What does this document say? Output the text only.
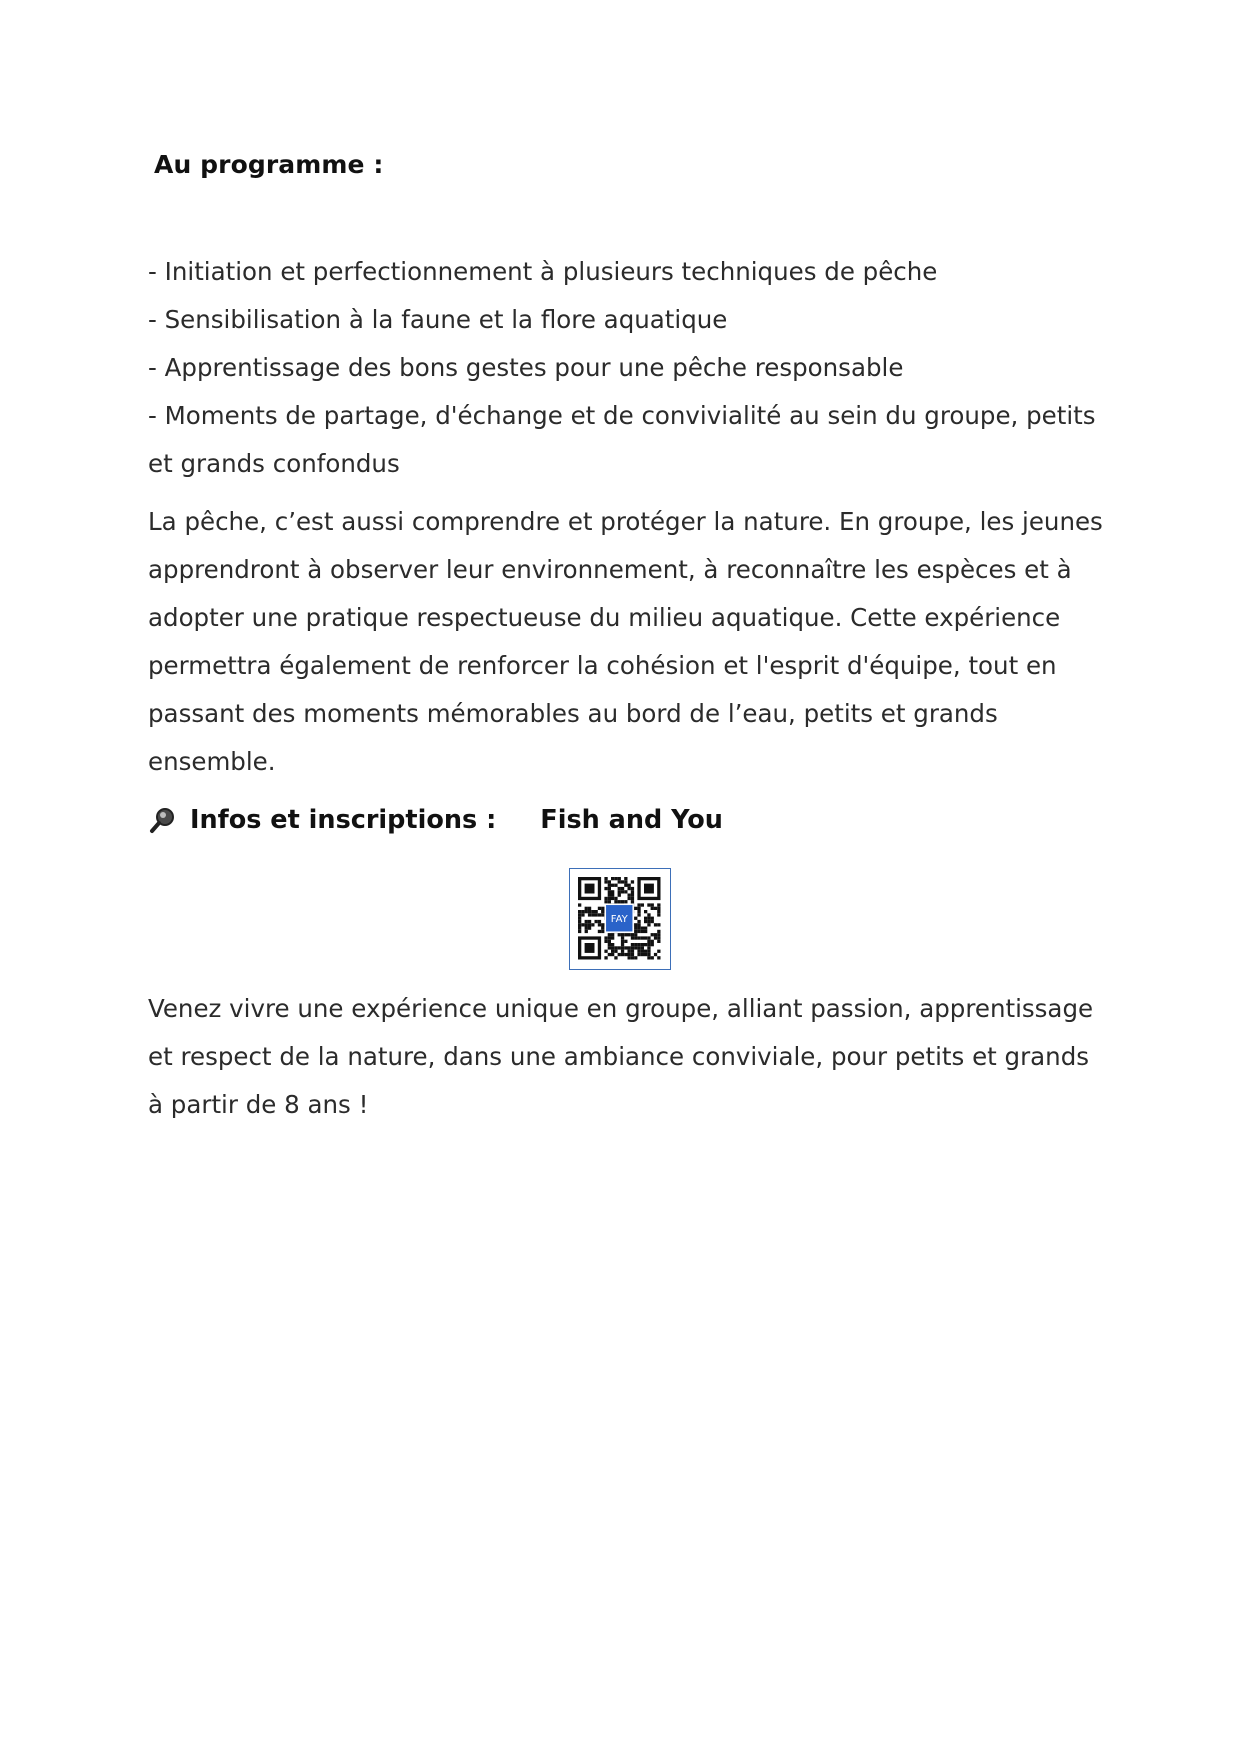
Au programme :
- Initiation et perfectionnement à plusieurs techniques de pêche
- Sensibilisation à la faune et la flore aquatique
- Apprentissage des bons gestes pour une pêche responsable
- Moments de partage, d'échange et de convivialité au sein du groupe, petits et grands confondus
La pêche, c’est aussi comprendre et protéger la nature. En groupe, les jeunes apprendront à observer leur environnement, à reconnaître les espèces et à adopter une pratique respectueuse du milieu aquatique. Cette expérience permettra également de renforcer la cohésion et l'esprit d'équipe, tout en passant des moments mémorables au bord de l’eau, petits et grands ensemble.
Infos et inscriptions : Fish and You
FAY
Venez vivre une expérience unique en groupe, alliant passion, apprentissage et respect de la nature, dans une ambiance conviviale, pour petits et grands à partir de 8 ans !
